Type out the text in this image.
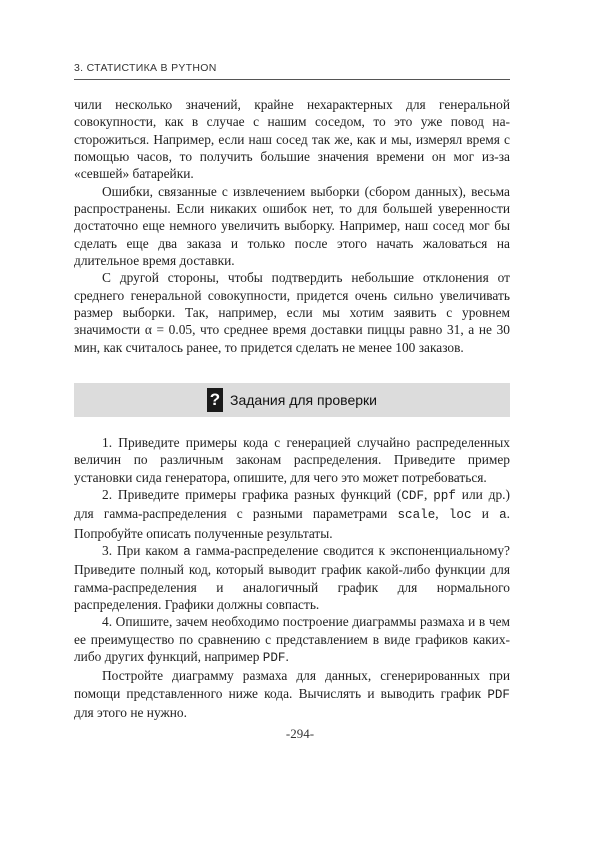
3. СТАТИСТИКА В PYTHON

чили несколько значений, крайне нехарактерных для генеральной совокупности, как в случае с нашим соседом, то это уже повод насторожиться. Например, если наш сосед так же, как и мы, измерял время с помощью часов, то получить большие значения времени он мог из-за «севшей» батарейки.

Ошибки, связанные с извлечением выборки (сбором данных), весьма распространены. Если никаких ошибок нет, то для большей уверенности достаточно еще немного увеличить выборку. Например, наш сосед мог бы сделать еще два заказа и только после этого начать жаловаться на длительное время доставки.

С другой стороны, чтобы подтвердить небольшие отклонения от среднего генеральной совокупности, придется очень сильно увеличивать размер выборки. Так, например, если мы хотим заявить с уровнем значимости α = 0.05, что среднее время доставки пиццы равно 31, а не 30 мин, как считалось ранее, то придется сделать не менее 100 заказов.

? Задания для проверки

1. Приведите примеры кода с генерацией случайно распределенных величин по различным законам распределения. Приведите пример установки сида генератора, опишите, для чего это может потребоваться.

2. Приведите примеры графика разных функций (CDF, ppf или др.) для гамма-распределения с разными параметрами scale, loc и a. Попробуйте описать полученные результаты.

3. При каком a гамма-распределение сводится к экспоненциальному? Приведите полный код, который выводит график какой-либо функции для гамма-распределения и аналогичный график для нормального распределения. Графики должны совпасть.

4. Опишите, зачем необходимо построение диаграммы размаха и в чем ее преимущество по сравнению с представлением в виде графиков каких-либо других функций, например PDF.

Постройте диаграмму размаха для данных, сгенерированных при помощи представленного ниже кода. Вычислять и выводить график PDF для этого не нужно.

-294-
